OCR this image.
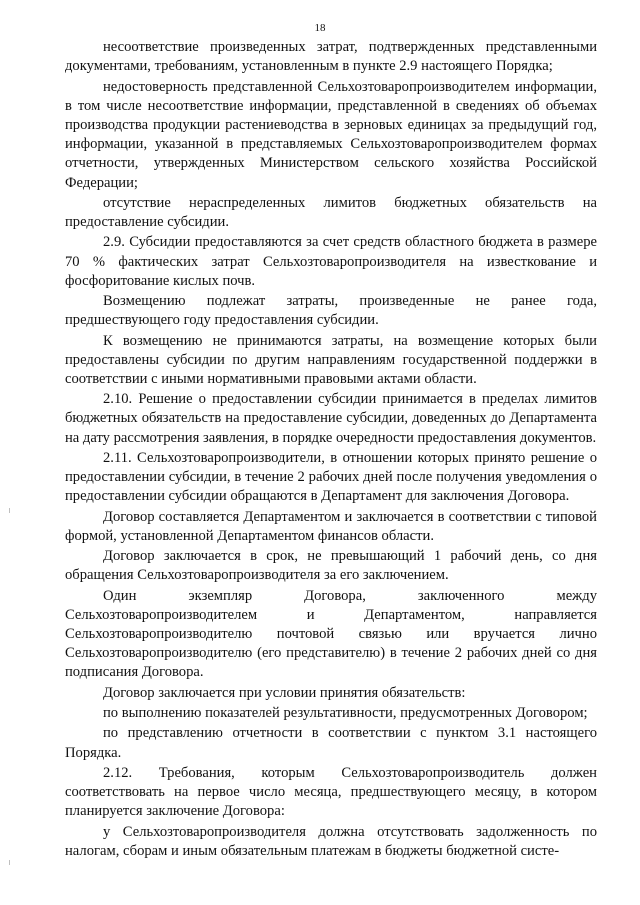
18

несоответствие произведенных затрат, подтвержденных представленными документами, требованиям, установленным в пункте 2.9 настоящего Порядка;

недостоверность представленной Сельхозтоваропроизводителем информации, в том числе несоответствие информации, представленной в сведениях об объемах производства продукции растениеводства в зерновых единицах за предыдущий год, информации, указанной в представляемых Сельхозтоваропроизводителем формах отчетности, утвержденных Министерством сельского хозяйства Российской Федерации;

отсутствие нераспределенных лимитов бюджетных обязательств на предоставление субсидии.

2.9. Субсидии предоставляются за счет средств областного бюджета в размере 70 % фактических затрат Сельхозтоваропроизводителя на известкование и фосфоритование кислых почв.

Возмещению подлежат затраты, произведенные не ранее года, предшествующего году предоставления субсидии.

К возмещению не принимаются затраты, на возмещение которых были предоставлены субсидии по другим направлениям государственной поддержки в соответствии с иными нормативными правовыми актами области.

2.10. Решение о предоставлении субсидии принимается в пределах лимитов бюджетных обязательств на предоставление субсидии, доведенных до Департамента на дату рассмотрения заявления, в порядке очередности предоставления документов.

2.11. Сельхозтоваропроизводители, в отношении которых принято решение о предоставлении субсидии, в течение 2 рабочих дней после получения уведомления о предоставлении субсидии обращаются в Департамент для заключения Договора.

Договор составляется Департаментом и заключается в соответствии с типовой формой, установленной Департаментом финансов области.

Договор заключается в срок, не превышающий 1 рабочий день, со дня обращения Сельхозтоваропроизводителя за его заключением.

Один экземпляр Договора, заключенного между Сельхозтоваропроизводителем и Департаментом, направляется Сельхозтоваропроизводителю почтовой связью или вручается лично Сельхозтоваропроизводителю (его представителю) в течение 2 рабочих дней со дня подписания Договора.

Договор заключается при условии принятия обязательств:

по выполнению показателей результативности, предусмотренных Договором;

по представлению отчетности в соответствии с пунктом 3.1 настоящего Порядка.

2.12. Требования, которым Сельхозтоваропроизводитель должен соответствовать на первое число месяца, предшествующего месяцу, в котором планируется заключение Договора:

у Сельхозтоваропроизводителя должна отсутствовать задолженность по налогам, сборам и иным обязательным платежам в бюджеты бюджетной систе-
